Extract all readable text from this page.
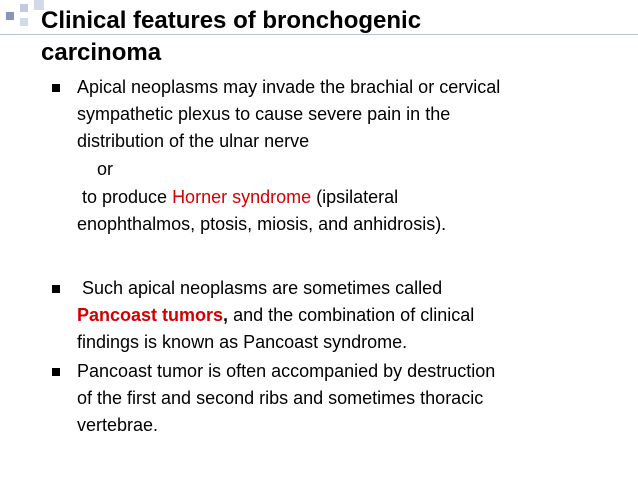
Clinical features of bronchogenic
carcinoma
Apical neoplasms may invade the brachial or cervical
sympathetic plexus to cause severe pain in the
distribution of the ulnar nerve
or
to produce Horner syndrome (ipsilateral
enophthalmos, ptosis, miosis, and anhidrosis).
Such apical neoplasms are sometimes called
Pancoast tumors, and the combination of clinical
findings is known as Pancoast syndrome.
Pancoast tumor is often accompanied by destruction
of the first and second ribs and sometimes thoracic
vertebrae.
